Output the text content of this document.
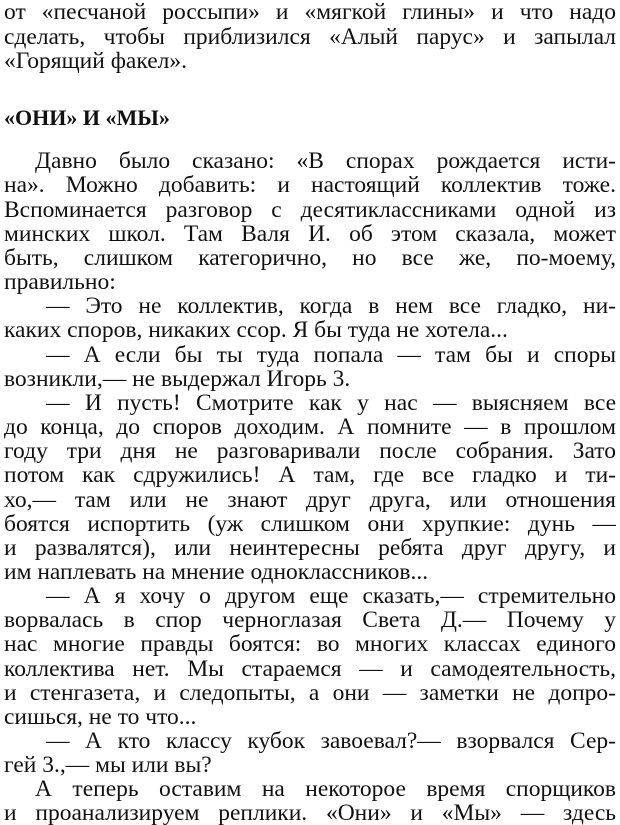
от «песчаной россыпи» и «мягкой глины» и что надо
сделать, чтобы приблизился «Алый парус» и запылал
«Горящий факел».
«ОНИ» И «МЫ»
Давно было сказано: «В спорах рождается исти-
на». Можно добавить: и настоящий коллектив тоже.
Вспоминается разговор с десятиклассниками одной из
минских школ. Там Валя И. об этом сказала, может
быть, слишком категорично, но все же, по-моему,
правильно:
— Это не коллектив, когда в нем все гладко, ни-
каких споров, никаких ссор. Я бы туда не хотела...
— А если бы ты туда попала — там бы и споры
возникли,— не выдержал Игорь 3.
— И пусть! Смотрите как у нас — выясняем все
до конца, до споров доходим. А помните — в прошлом
году три дня не разговаривали после собрания. Зато
потом как сдружились! А там, где все гладко и ти-
хо,— там или не знают друг друга, или отношения
боятся испортить (уж слишком они хрупкие: дунь —
и развалятся), или неинтересны ребята друг другу, и
им наплевать на мнение одноклассников...
— А я хочу о другом еще сказать,— стремительно
ворвалась в спор черноглазая Света Д.— Почему у
нас многие правды боятся: во многих классах единого
коллектива нет. Мы стараемся — и самодеятельность,
и стенгазета, и следопыты, а они — заметки не допро-
сишься, не то что...
— А кто классу кубок завоевал?— взорвался Сер-
гей 3.,— мы или вы?
А теперь оставим на некоторое время спорщиков
и проанализируем реплики. «Они» и «Мы» — здесь
